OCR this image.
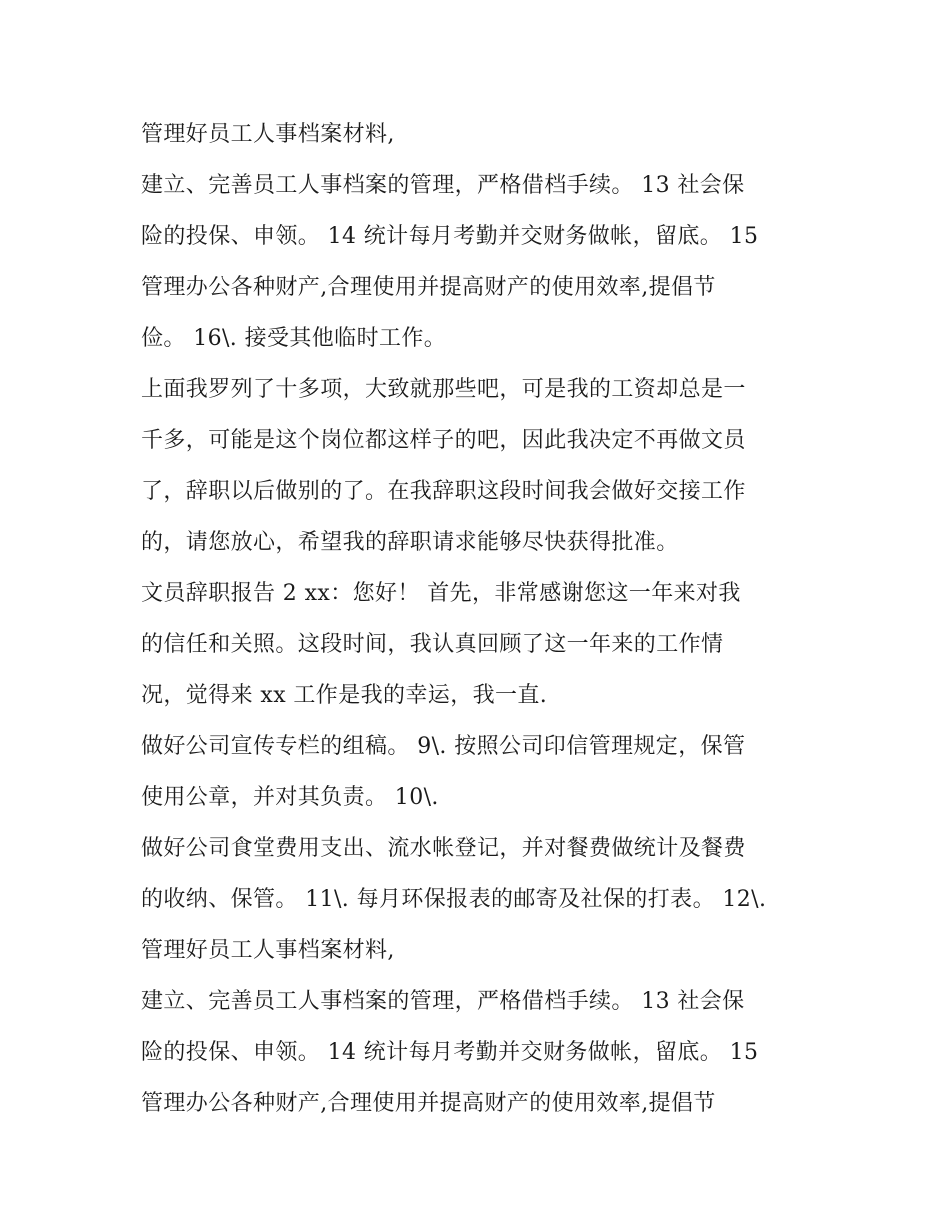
管理好员工人事档案材料,
建立、完善员工人事档案的管理，严格借档手续。 13 社会保
险的投保、申领。 14 统计每月考勤并交财务做帐，留底。 15
管理办公各种财产,合理使用并提高财产的使用效率,提倡节
俭。 16\. 接受其他临时工作。
上面我罗列了十多项，大致就那些吧，可是我的工资却总是一
千多，可能是这个岗位都这样子的吧，因此我决定不再做文员
了，辞职以后做别的了。在我辞职这段时间我会做好交接工作
的，请您放心，希望我的辞职请求能够尽快获得批准。
文员辞职报告 2 xx：您好！ 首先，非常感谢您这一年来对我
的信任和关照。这段时间，我认真回顾了这一年来的工作情
况，觉得来 xx 工作是我的幸运，我一直.
做好公司宣传专栏的组稿。 9\. 按照公司印信管理规定，保管
使用公章，并对其负责。 10\.
做好公司食堂费用支出、流水帐登记，并对餐费做统计及餐费
的收纳、保管。 11\. 每月环保报表的邮寄及社保的打表。 12\.
管理好员工人事档案材料,
建立、完善员工人事档案的管理，严格借档手续。 13 社会保
险的投保、申领。 14 统计每月考勤并交财务做帐，留底。 15
管理办公各种财产,合理使用并提高财产的使用效率,提倡节
